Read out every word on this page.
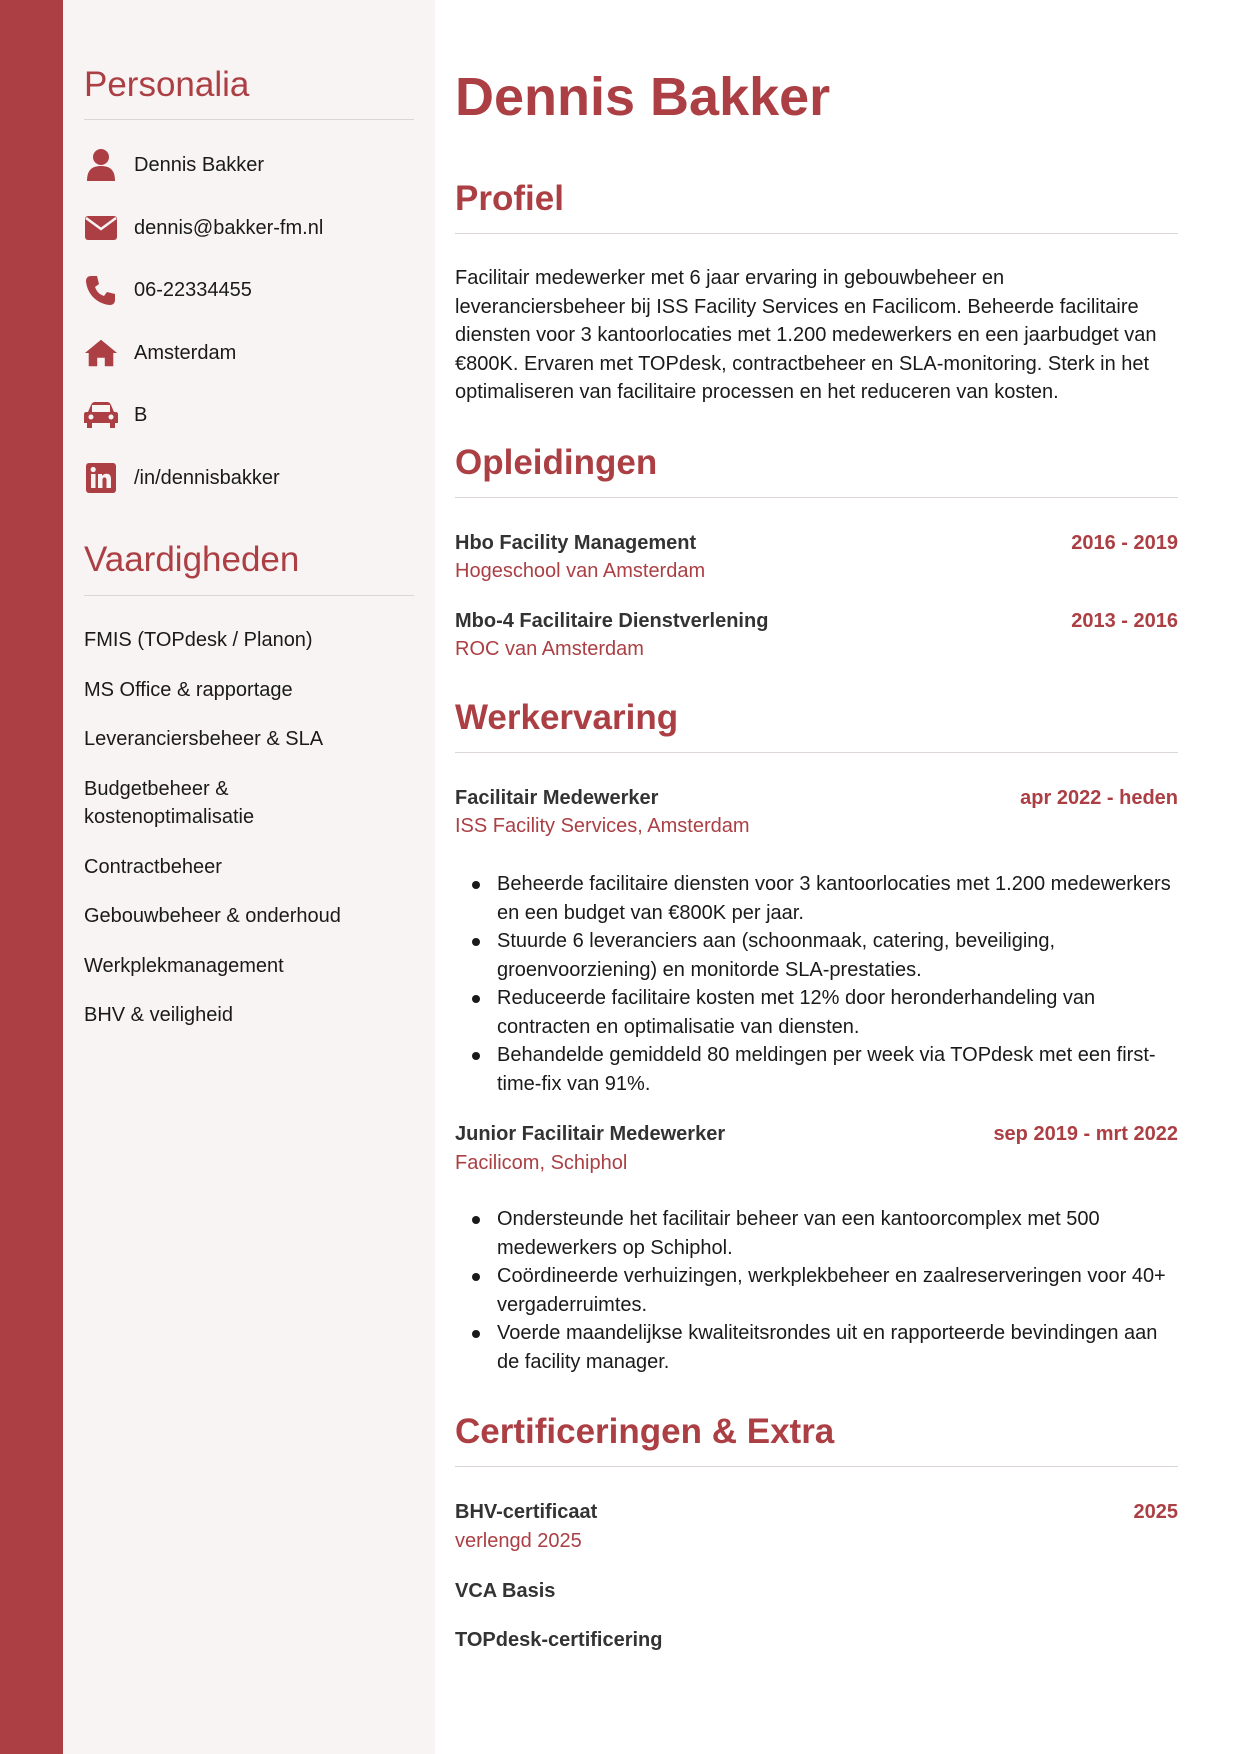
Personalia
Dennis Bakker
dennis@bakker-fm.nl
06-22334455
Amsterdam
B
/in/dennisbakker
Vaardigheden
FMIS (TOPdesk / Planon)
MS Office & rapportage
Leveranciersbeheer & SLA
Budgetbeheer & kostenoptimalisatie
Contractbeheer
Gebouwbeheer & onderhoud
Werkplekmanagement
BHV & veiligheid
Dennis Bakker
Profiel

Facilitair medewerker met 6 jaar ervaring in gebouwbeheer en leveranciersbeheer bij ISS Facility Services en Facilicom. Beheerde facilitaire diensten voor 3 kantoorlocaties met 1.200 medewerkers en een jaarbudget van €800K. Ervaren met TOPdesk, contractbeheer en SLA-monitoring. Sterk in het optimaliseren van facilitaire processen en het reduceren van kosten.

Opleidingen
Hbo Facility Management	2016 - 2019
Hogeschool van Amsterdam
Mbo-4 Facilitaire Dienstverlening	2013 - 2016
ROC van Amsterdam
Werkervaring
Facilitair Medewerker	apr 2022 - heden
ISS Facility Services, Amsterdam
Beheerde facilitaire diensten voor 3 kantoorlocaties met 1.200 medewerkers en een budget van €800K per jaar.
Stuurde 6 leveranciers aan (schoonmaak, catering, beveiliging, groenvoorziening) en monitorde SLA-prestaties.
Reduceerde facilitaire kosten met 12% door heronderhandeling van contracten en optimalisatie van diensten.
Behandelde gemiddeld 80 meldingen per week via TOPdesk met een first-time-fix van 91%.
Junior Facilitair Medewerker	sep 2019 - mrt 2022
Facilicom, Schiphol
Ondersteunde het facilitair beheer van een kantoorcomplex met 500 medewerkers op Schiphol.
Coördineerde verhuizingen, werkplekbeheer en zaalreserveringen voor 40+ vergaderruimtes.
Voerde maandelijkse kwaliteitsrondes uit en rapporteerde bevindingen aan de facility manager.
Certificeringen & Extra
BHV-certificaat	2025
verlengd 2025
VCA Basis
TOPdesk-certificering
